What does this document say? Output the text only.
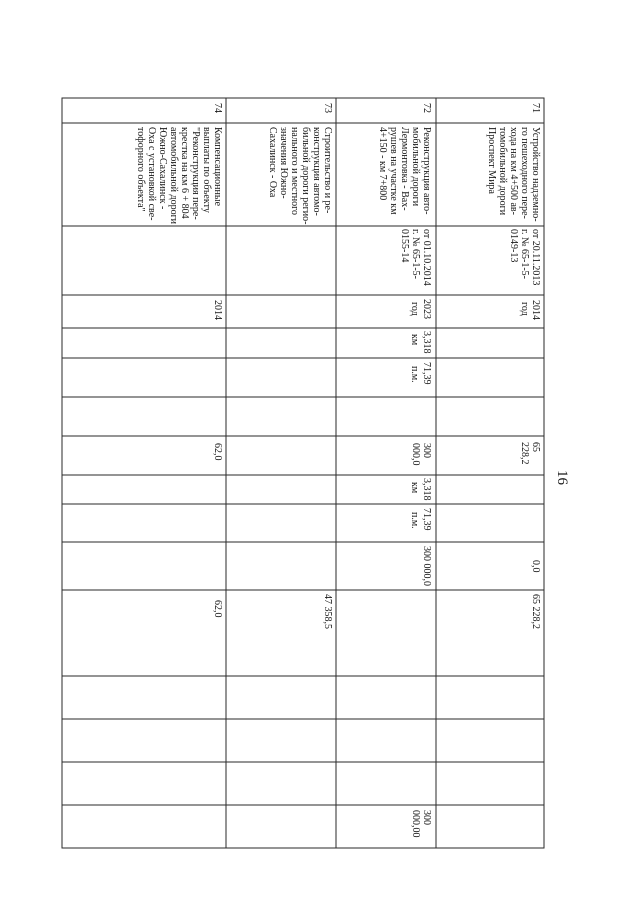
16
71
Устройство надземно-
го пешеходного пере-
хода на км 4+500 ав-
томобильной дороги
Проспект Мира
от 20.11.2013
г. № 65-1-5-
0149-13
2014
год
65
228,2
0,0
65 228,2
72
Реконструкция авто-
мобильной дороги
Лермонтовка - Вах-
рушев на участке км
4+150 - км 7+800
от 01.10.2014
г. № 65-1-5-
0155-14
2023
год
3,318
км
71,39
п.м.
300
000,0
3,318
км
71,39
п.м.
300 000,0
300
000,00
73
Строительство и ре-
конструкция автомо-
бильной дороги регио-
нального и местного
значения Южно-
Сахалинск - Оха
47 358,5
74
Компенсационные
выплаты по объекту
"Реконструкция пере-
крестка на км 6 + 804
автомобильной дороги
Южно-Сахалинск -
Оха с установкой све-
тофорного объекта"
2014
62,0
62,0
